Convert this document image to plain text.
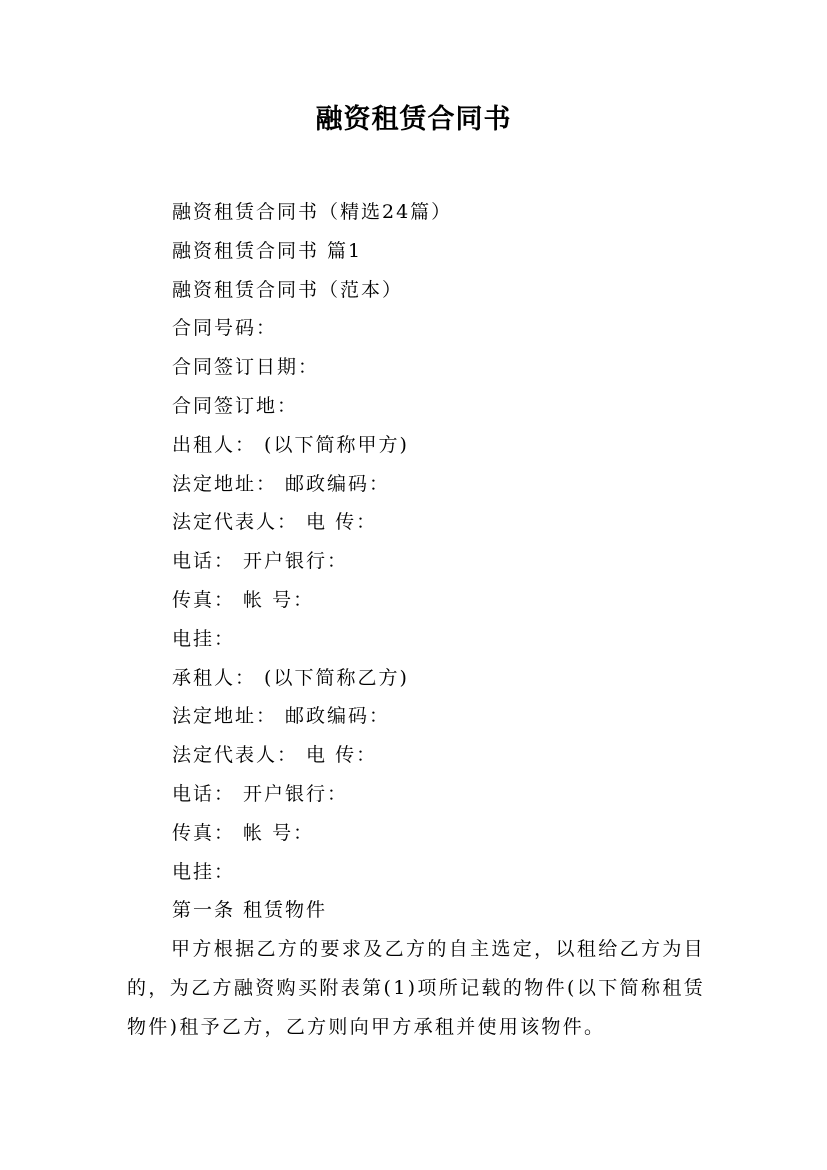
融资租赁合同书
融资租赁合同书（精选24篇）
融资租赁合同书 篇1
融资租赁合同书（范本）
合同号码：
合同签订日期：
合同签订地：
出租人： (以下简称甲方)
法定地址： 邮政编码：
法定代表人： 电 传：
电话： 开户银行：
传真： 帐 号：
电挂：
承租人： (以下简称乙方)
法定地址： 邮政编码：
法定代表人： 电 传：
电话： 开户银行：
传真： 帐 号：
电挂：
第一条 租赁物件
甲方根据乙方的要求及乙方的自主选定，以租给乙方为目的，为乙方融资购买附表第(1)项所记载的物件(以下简称租赁物件)租予乙方，乙方则向甲方承租并使用该物件。
